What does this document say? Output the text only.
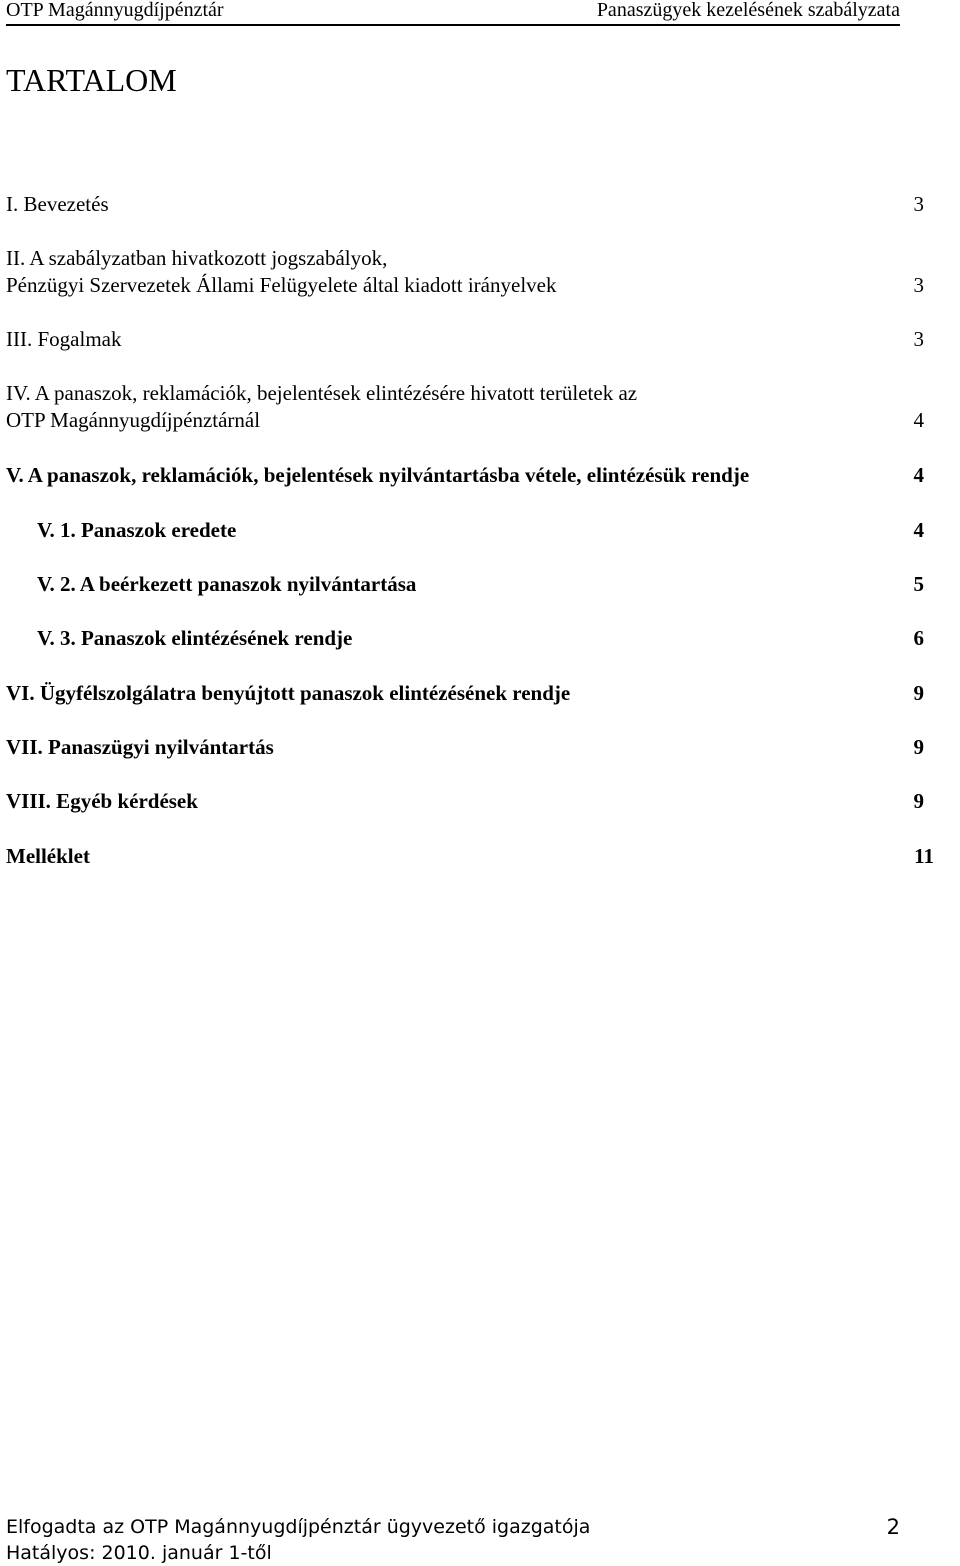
OTP Magánnyugdíjpénztár	Panaszügyek kezelésének szabályzata
TARTALOM
I. Bevezetés	3
II. A szabályzatban hivatkozott jogszabályok,
Pénzügyi Szervezetek Állami Felügyelete által kiadott irányelvek	3
III. Fogalmak	3
IV. A panaszok, reklamációk, bejelentések elintézésére hivatott területek az
OTP Magánnyugdíjpénztárnál	4
V. A panaszok, reklamációk, bejelentések nyilvántartásba vétele, elintézésük rendje	4
V. 1. Panaszok eredete	4
V. 2. A beérkezett panaszok nyilvántartása	5
V. 3. Panaszok elintézésének rendje	6
VI. Ügyfélszolgálatra benyújtott panaszok elintézésének rendje	9
VII. Panaszügyi nyilvántartás	9
VIII. Egyéb kérdések	9
Melléklet	11
Elfogadta az OTP Magánnyugdíjpénztár ügyvezető igazgatója
Hatályos: 2010. január 1-től
2
